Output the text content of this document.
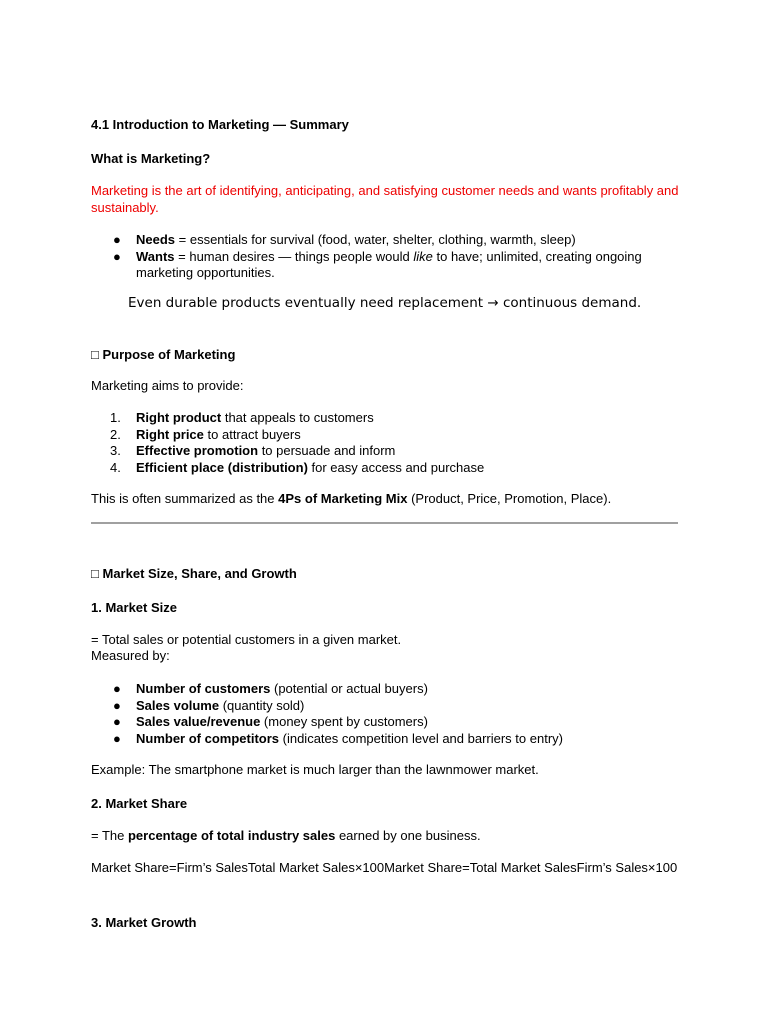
4.1 Introduction to Marketing — Summary

What is Marketing?

Marketing is the art of identifying, anticipating, and satisfying customer needs and wants profitably and sustainably.

● Needs = essentials for survival (food, water, shelter, clothing, warmth, sleep)
● Wants = human desires — things people would like to have; unlimited, creating ongoing marketing opportunities.

Even durable products eventually need replacement → continuous demand.

□ Purpose of Marketing

Marketing aims to provide:

1. Right product that appeals to customers
2. Right price to attract buyers
3. Effective promotion to persuade and inform
4. Efficient place (distribution) for easy access and purchase

This is often summarized as the 4Ps of Marketing Mix (Product, Price, Promotion, Place).

□ Market Size, Share, and Growth

1. Market Size

= Total sales or potential customers in a given market.

Measured by:

● Number of customers (potential or actual buyers)
● Sales volume (quantity sold)
● Sales value/revenue (money spent by customers)
● Number of competitors (indicates competition level and barriers to entry)

Example: The smartphone market is much larger than the lawnmower market.

2. Market Share

= The percentage of total industry sales earned by one business.

Market Share=Firm’s SalesTotal Market Sales×100Market Share=Total Market SalesFirm’s Sales×100

3. Market Growth
